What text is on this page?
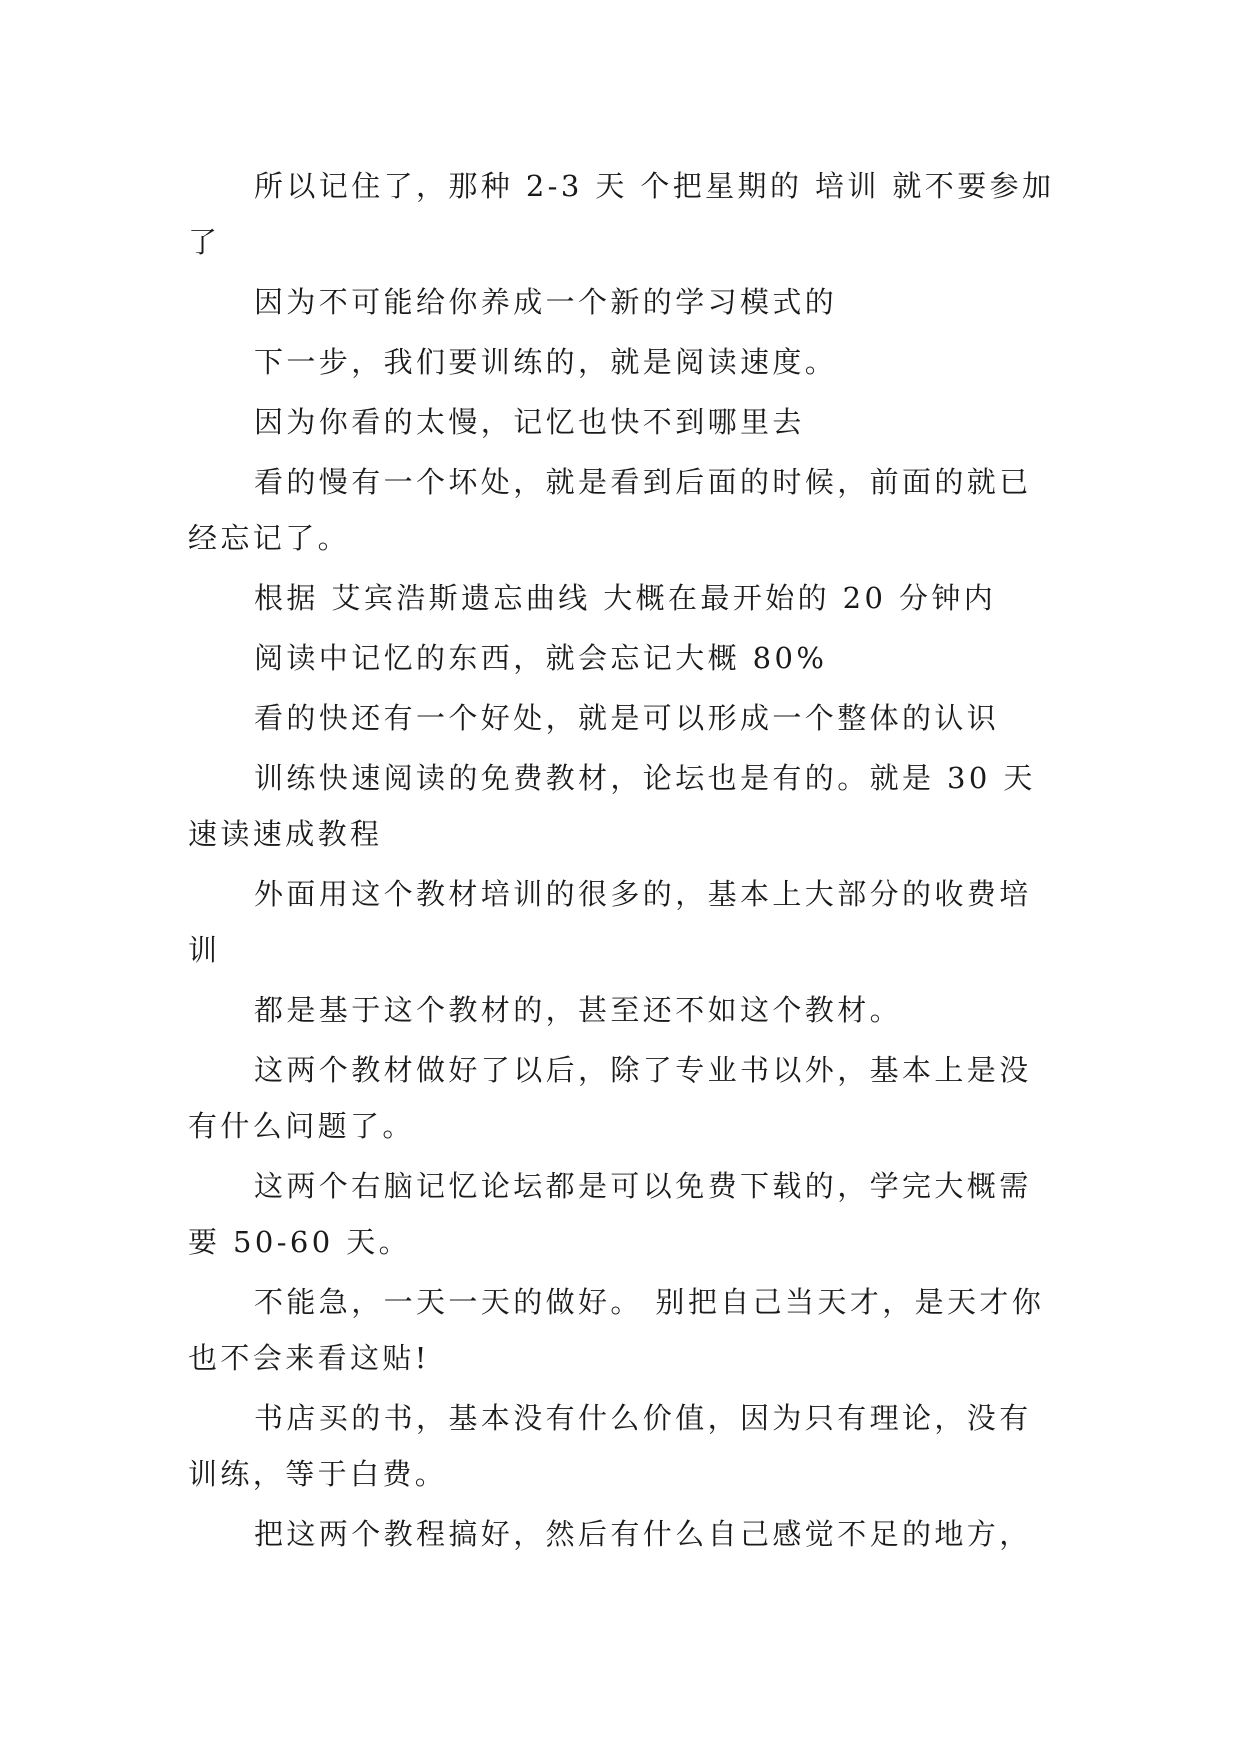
所以记住了，那种 2-3 天 个把星期的 培训 就不要参加了

因为不可能给你养成一个新的学习模式的

下一步，我们要训练的，就是阅读速度。

因为你看的太慢，记忆也快不到哪里去

看的慢有一个坏处，就是看到后面的时候，前面的就已经忘记了。

根据 艾宾浩斯遗忘曲线 大概在最开始的 20 分钟内

阅读中记忆的东西，就会忘记大概 80%

看的快还有一个好处，就是可以形成一个整体的认识

训练快速阅读的免费教材，论坛也是有的。就是 30 天速读速成教程

外面用这个教材培训的很多的，基本上大部分的收费培训

都是基于这个教材的，甚至还不如这个教材。

这两个教材做好了以后，除了专业书以外，基本上是没有什么问题了。

这两个右脑记忆论坛都是可以免费下载的，学完大概需要 50-60 天。

不能急，一天一天的做好。 别把自己当天才，是天才你也不会来看这贴!

书店买的书，基本没有什么价值，因为只有理论，没有训练，等于白费。

把这两个教程搞好，然后有什么自己感觉不足的地方，
